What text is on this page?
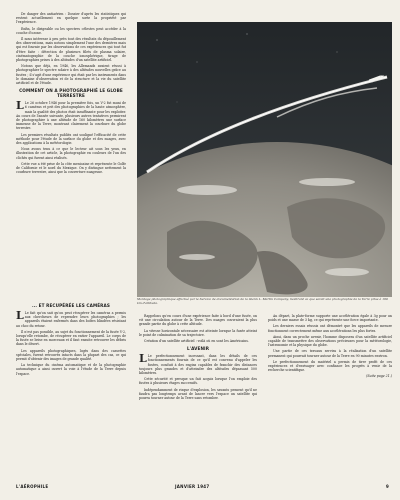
De danger des antiaérien : Dossier d'après les statistiques qui restent actuellement en quelque sorte la propriété par l'expérience.

Enfin, le dirigeable ou les spectres célestes peut accéder à la couche d'ozone.

Il nous intéresse à peu près tout des résultats du dépouillement des observations, mais notons simplement l'une des dernières mais qui est fournie par les observations de ces expériences qui tout fut d'être faite : détection de plusieurs filets de plasma solaire, cinématographie de la couche ionosphérique, tirage de photographies prises à des altitudes d'un satellite artificiel.

Notons que déjà, en 1946, les Allemands avaient réussi à photographier le spectre solaire à des altitudes nouvelles grâce au fusées ; il s'agit d'une expérience qui était par les instruments dans le domaine d'observation et de la structure et la vie du satellite artificiel et de l'étude.

COMMENT ON A PHOTOGRAPHIÉ LE GLOBE TERRESTRE

L Le 26 octobre 1946 pour la première fois, un V-2 fut muni de 6 caméras et prit des photographies de la haute atmosphère, mais la qualité des photos était insuffisante pour les exploiter. Au cours de l'année suivante, plusieurs autres tentatives permirent de photographier à une altitude de 160 kilomètres une surface immense de la Terre, montrant clairement la courbure du globe terrestre.

Les premiers résultats publiés ont souligné l'efficacité de cette méthode pour l'étude de la surface du globe et des nuages, avec des applications à la météorologie.

Nous avons tenu à ce que le lecteur ait sous les yeux, en illustration de cet article, la photographie en couleurs de l'un des clichés qui furent ainsi réalisés.

Cette vue a été prise de la côte mexicaine et représente le Golfe de Californie et le nord du Mexique. On y distingue nettement la courbure terrestre, ainsi que la couverture nuageuse.

Montage photographique effectué par le Service de documentation de la Glenn L. Martin Company, montrant ce que serait une photographie de la Terre prise à 160 km d'altitude.
... ET RECUPÉRÉE LES CAMÉRAS

L Le fait qu'on sait qu'on peut récupérer les caméras a permis aux chercheurs de reprendre leurs photographies ; les appareils étaient enfermés dans des boîtes blindées résistant au choc du retour.

Il n'est pas possible, au sujet du fonctionnement de la fusée V-2, lorsqu'elle retombe, de récupérer en entier l'appareil. Le corps de la fusée se brise en morceaux et il faut ensuite retrouver les débris dans le désert.

Les appareils photographiques, logés dans des cassettes spéciales, furent retrouvés intacts dans la plupart des cas, ce qui permit d'obtenir des images de grande qualité.

La technique du cinéma automatique et de la photographie automatique a ainsi ouvert la voie à l'étude de la Terre depuis l'espace.

Rappelons qu'en cours d'une expérience faite à bord d'une fusée, on vit une circulation autour de la Terre. Des nuages couvraient la plus grande partie du globe à cette altitude.

La vitesse horizontale nécessaire est atteinte lorsque la fusée atteint le point de culmination de sa trajectoire.

Création d'un satellite artificiel : voilà où en sont les Américains.

L'AVENIR

L Le perfectionnement incessant, dans les détails de ces fonctionnements fournis de ce qu'il est convenu d'appeler les fusées, conduit à des engins capables de franchir des distances toujours plus grandes et d'atteindre des altitudes dépassant 500 kilomètres.

Cette sécurité et presque un fait acquis lorsque l'on emploie des fusées à plusieurs étages successifs.

Indépendamment de risque d'explosion, les savants pensent qu'il ne faudra pas longtemps avant de lancer vers l'espace un satellite qui pourra tourner autour de la Terre sans retomber.

Au départ, la plate-forme supporte une accélération égale à 3g pour un poids et une masse de 3 kg, ce qui représente une force importante.

Les derniers essais réussis ont démontré que les appareils de mesure fonctionnent correctement même aux accélérations les plus fortes.

Ainsi, dans un proche avenir, l'homme disposera d'un satellite artificiel capable de transmettre des observations précieuses pour la météorologie, l'astronomie et la physique du globe.

Une partie de ces travaux servira à la réalisation d'un satellite permanent qui pourrait tourner autour de la Terre en 90 minutes environ.

Le perfectionnement du matériel a permis de tirer profit de ces expériences et d'envisager avec confiance les progrès à venir de la recherche scientifique.

(Suite page 21.)

L'AÉROPHILE	JANVIER 1947	9
